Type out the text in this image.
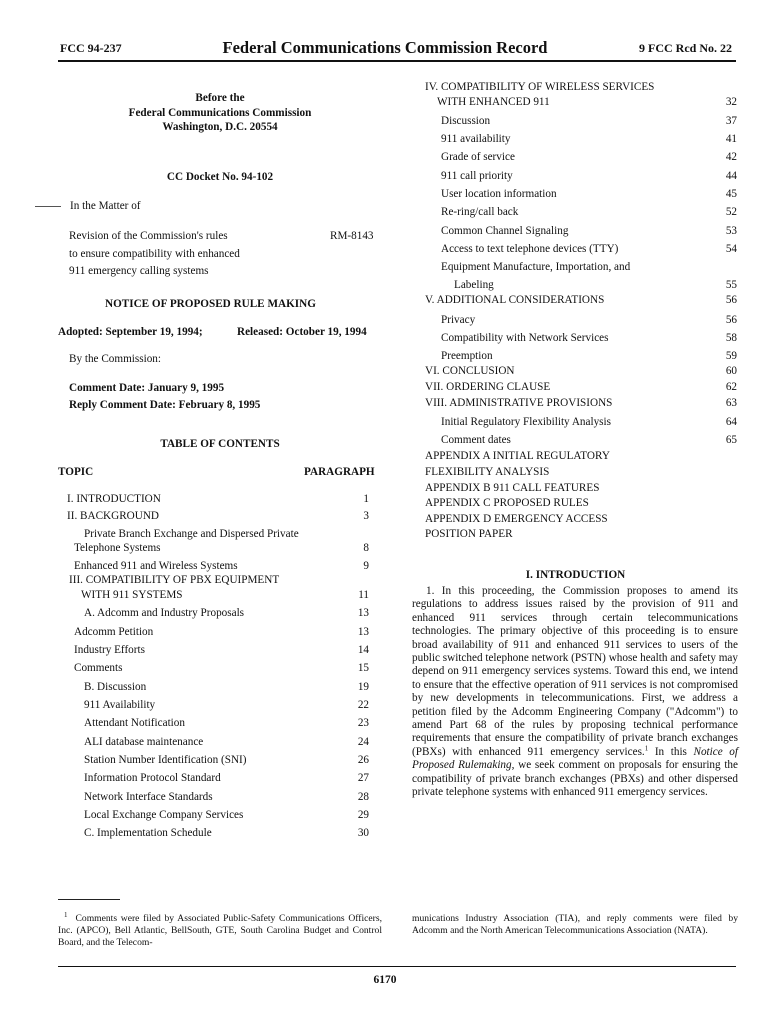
FCC 94-237	Federal Communications Commission Record	9 FCC Rcd No. 22
Before the
Federal Communications Commission
Washington, D.C. 20554
CC Docket No. 94-102
In the Matter of
Revision of the Commission's rules
to ensure compatibility with enhanced
911 emergency calling systems
RM-8143
NOTICE OF PROPOSED RULE MAKING
Adopted: September 19, 1994;	Released: October 19, 1994
By the Commission:
Comment Date: January 9, 1995
Reply Comment Date: February 8, 1995
TABLE OF CONTENTS
TOPIC	PARAGRAPH
I. INTRODUCTION	1
II. BACKGROUND	3
Private Branch Exchange and Dispersed Private
Telephone Systems	8
Enhanced 911 and Wireless Systems	9
III. COMPATIBILITY OF PBX EQUIPMENT
WITH 911 SYSTEMS	11
A. Adcomm and Industry Proposals	13
Adcomm Petition	13
Industry Efforts	14
Comments	15
B. Discussion	19
911 Availability	22
Attendant Notification	23
ALI database maintenance	24
Station Number Identification (SNI)	26
Information Protocol Standard	27
Network Interface Standards	28
Local Exchange Company Services	29
C. Implementation Schedule	30
IV. COMPATIBILITY OF WIRELESS SERVICES
WITH ENHANCED 911	32
Discussion	37
911 availability	41
Grade of service	42
911 call priority	44
User location information	45
Re-ring/call back	52
Common Channel Signaling	53
Access to text telephone devices (TTY)	54
Equipment Manufacture, Importation, and
Labeling	55
V. ADDITIONAL CONSIDERATIONS	56
Privacy	56
Compatibility with Network Services	58
Preemption	59
VI. CONCLUSION	60
VII. ORDERING CLAUSE	62
VIII. ADMINISTRATIVE PROVISIONS	63
Initial Regulatory Flexibility Analysis	64
Comment dates	65
APPENDIX A INITIAL REGULATORY
FLEXIBILITY ANALYSIS
APPENDIX B 911 CALL FEATURES
APPENDIX C PROPOSED RULES
APPENDIX D EMERGENCY ACCESS
POSITION PAPER
I. INTRODUCTION
1. In this proceeding, the Commission proposes to amend its regulations to address issues raised by the provision of 911 and enhanced 911 services through certain telecommunications technologies. The primary objective of this proceeding is to ensure broad availability of 911 and enhanced 911 services to users of the public switched telephone network (PSTN) whose health and safety may depend on 911 emergency services systems. Toward this end, we intend to ensure that the effective operation of 911 services is not compromised by new developments in telecommunications. First, we address a petition filed by the Adcomm Engineering Company ("Adcomm") to amend Part 68 of the rules by proposing technical performance requirements that ensure the compatibility of private branch exchanges (PBXs) with enhanced 911 emergency services.$^1$ In this Notice of Proposed Rulemaking, we seek comment on proposals for ensuring the compatibility of private branch exchanges (PBXs) and other dispersed private telephone systems with enhanced 911 emergency services.
$^1$ Comments were filed by Associated Public-Safety Communications Officers, Inc. (APCO), Bell Atlantic, BellSouth, GTE, South Carolina Budget and Control Board, and the Telecom-
munications Industry Association (TIA), and reply comments were filed by Adcomm and the North American Telecommunications Association (NATA).
6170
